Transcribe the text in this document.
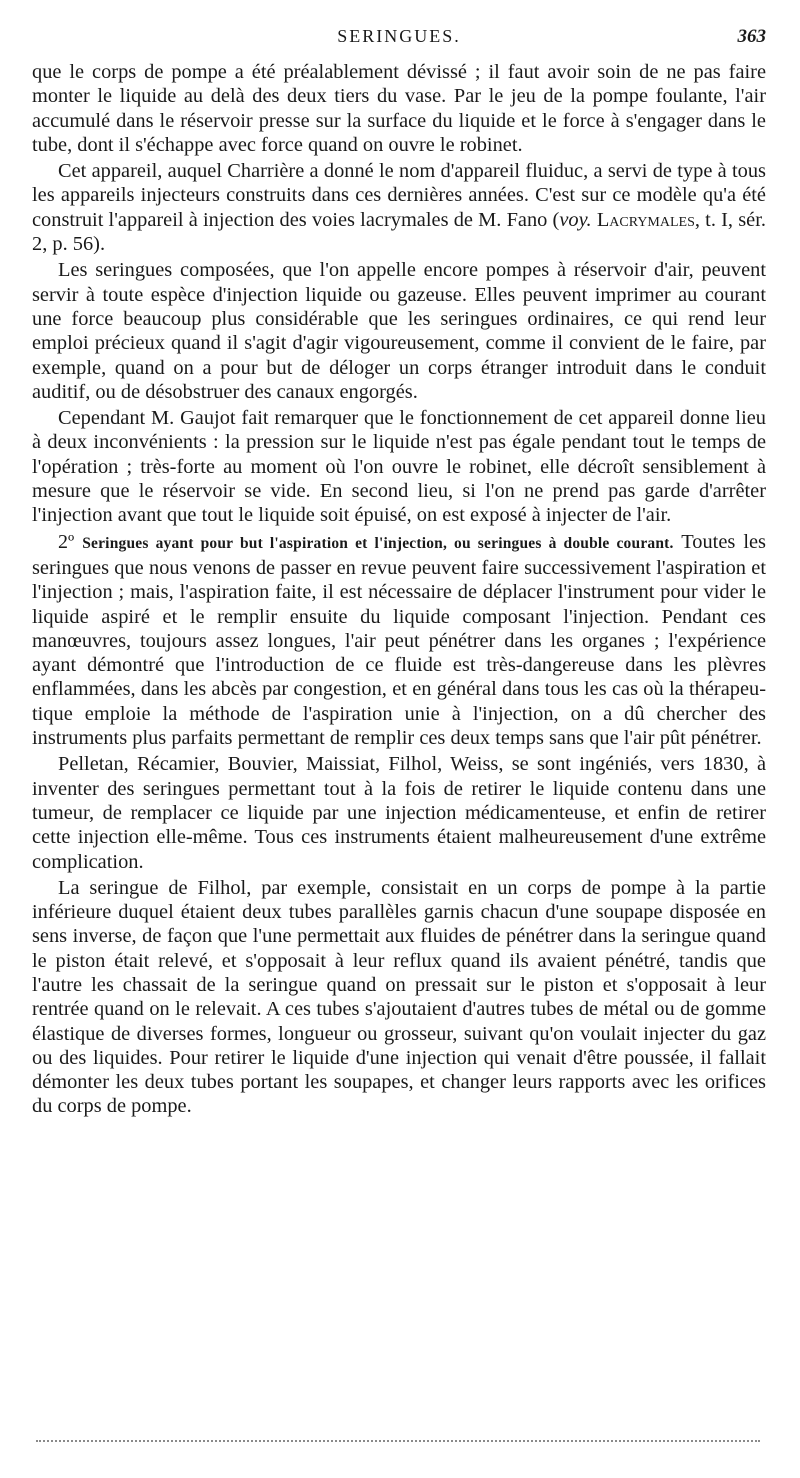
SERINGUES.	363

que le corps de pompe a été préalablement dévissé ; il faut avoir soin de ne pas faire monter le liquide au delà des deux tiers du vase. Par le jeu de la pompe foulante, l'air accumulé dans le réservoir presse sur la surface du liquide et le force à s'engager dans le tube, dont il s'échappe avec force quand on ouvre le robinet.

Cet appareil, auquel Charrière a donné le nom d'appareil fluiduc, a servi de type à tous les appareils injecteurs construits dans ces dernières années. C'est sur ce modèle qu'a été construit l'appareil à injection des voies lacrymales de M. Fano (voy. Lacrymales, t. I, sér. 2, p. 56).

Les seringues composées, que l'on appelle encore pompes à réservoir d'air, peuvent servir à toute espèce d'injection liquide ou gazeuse. Elles peuvent imprimer au courant une force beaucoup plus considérable que les seringues ordinaires, ce qui rend leur emploi précieux quand il s'agit d'agir vigoureusement, comme il convient de le faire, par exemple, quand on a pour but de déloger un corps étranger introduit dans le conduit auditif, ou de désobstruer des canaux engorgés.

Cependant M. Gaujot fait remarquer que le fonctionnement de cet appareil donne lieu à deux inconvénients : la pression sur le liquide n'est pas égale pendant tout le temps de l'opération ; très-forte au moment où l'on ouvre le robinet, elle décroît sensiblement à mesure que le réservoir se vide. En second lieu, si l'on ne prend pas garde d'arrêter l'injection avant que tout le liquide soit épuisé, on est exposé à injecter de l'air.

2º Seringues ayant pour but l'aspiration et l'injection, ou seringues à double courant. Toutes les seringues que nous venons de passer en revue peuvent faire successivement l'aspiration et l'injection ; mais, l'aspiration faite, il est nécessaire de déplacer l'instrument pour vider le liquide aspiré et le remplir ensuite du liquide composant l'injection. Pendant ces manœuvres, toujours assez longues, l'air peut pénétrer dans les organes ; l'expérience ayant démontré que l'introduction de ce fluide est très-dangereuse dans les plèvres enflammées, dans les abcès par congestion, et en général dans tous les cas où la thérapeutique emploie la méthode de l'aspiration unie à l'injection, on a dû chercher des instruments plus parfaits permettant de remplir ces deux temps sans que l'air pût pénétrer.

Pelletan, Récamier, Bouvier, Maissiat, Filhol, Weiss, se sont ingéniés, vers 1830, à inventer des seringues permettant tout à la fois de retirer le liquide contenu dans une tumeur, de remplacer ce liquide par une injection médicamenteuse, et enfin de retirer cette injection elle-même. Tous ces instruments étaient malheureusement d'une extrême complication.

La seringue de Filhol, par exemple, consistait en un corps de pompe à la partie inférieure duquel étaient deux tubes parallèles garnis chacun d'une soupape disposée en sens inverse, de façon que l'une permettait aux fluides de pénétrer dans la seringue quand le piston était relevé, et s'opposait à leur reflux quand ils avaient pénétré, tandis que l'autre les chassait de la seringue quand on pressait sur le piston et s'opposait à leur rentrée quand on le relevait. A ces tubes s'ajoutaient d'autres tubes de métal ou de gomme élastique de diverses formes, longueur ou grosseur, suivant qu'on voulait injecter du gaz ou des liquides. Pour retirer le liquide d'une injection qui venait d'être poussée, il fallait démonter les deux tubes portant les soupapes, et changer leurs rapports avec les orifices du corps de pompe.
